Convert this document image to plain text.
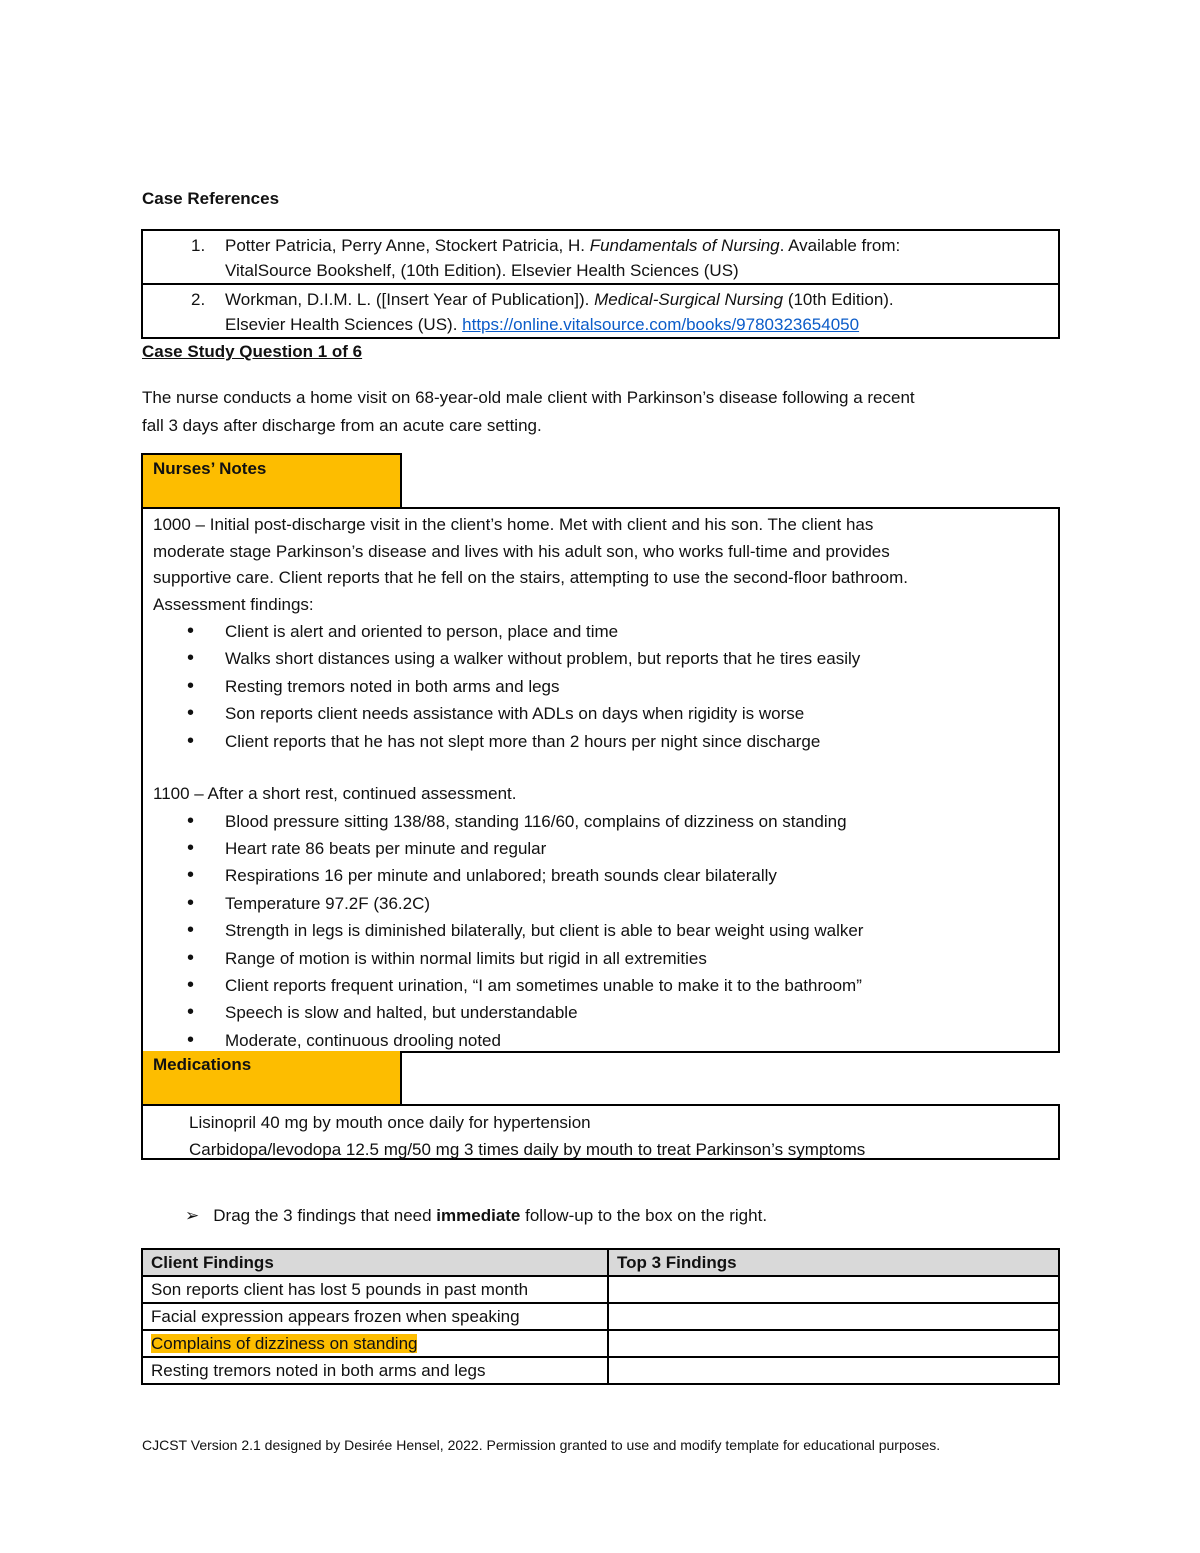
Case References
1. Potter Patricia, Perry Anne, Stockert Patricia, H. Fundamentals of Nursing. Available from:
VitalSource Bookshelf, (10th Edition). Elsevier Health Sciences (US)
2. Workman, D.I.M. L. ([Insert Year of Publication]). Medical-Surgical Nursing (10th Edition).
Elsevier Health Sciences (US). https://online.vitalsource.com/books/9780323654050
Case Study Question 1 of 6
The nurse conducts a home visit on 68-year-old male client with Parkinson’s disease following a recent
fall 3 days after discharge from an acute care setting.
Nurses’ Notes
1000 – Initial post-discharge visit in the client’s home. Met with client and his son. The client has
moderate stage Parkinson’s disease and lives with his adult son, who works full-time and provides
supportive care. Client reports that he fell on the stairs, attempting to use the second-floor bathroom.
Assessment findings:
• Client is alert and oriented to person, place and time
• Walks short distances using a walker without problem, but reports that he tires easily
• Resting tremors noted in both arms and legs
• Son reports client needs assistance with ADLs on days when rigidity is worse
• Client reports that he has not slept more than 2 hours per night since discharge
1100 – After a short rest, continued assessment.
• Blood pressure sitting 138/88, standing 116/60, complains of dizziness on standing
• Heart rate 86 beats per minute and regular
• Respirations 16 per minute and unlabored; breath sounds clear bilaterally
• Temperature 97.2F (36.2C)
• Strength in legs is diminished bilaterally, but client is able to bear weight using walker
• Range of motion is within normal limits but rigid in all extremities
• Client reports frequent urination, “I am sometimes unable to make it to the bathroom”
• Speech is slow and halted, but understandable
• Moderate, continuous drooling noted
Medications
Lisinopril 40 mg by mouth once daily for hypertension
Carbidopa/levodopa 12.5 mg/50 mg 3 times daily by mouth to treat Parkinson’s symptoms
➢ Drag the 3 findings that need immediate follow-up to the box on the right.
Client Findings	Top 3 Findings
Son reports client has lost 5 pounds in past month	
Facial expression appears frozen when speaking	
Complains of dizziness on standing	
Resting tremors noted in both arms and legs	
CJCST Version 2.1 designed by Desirée Hensel, 2022. Permission granted to use and modify template for educational purposes.
